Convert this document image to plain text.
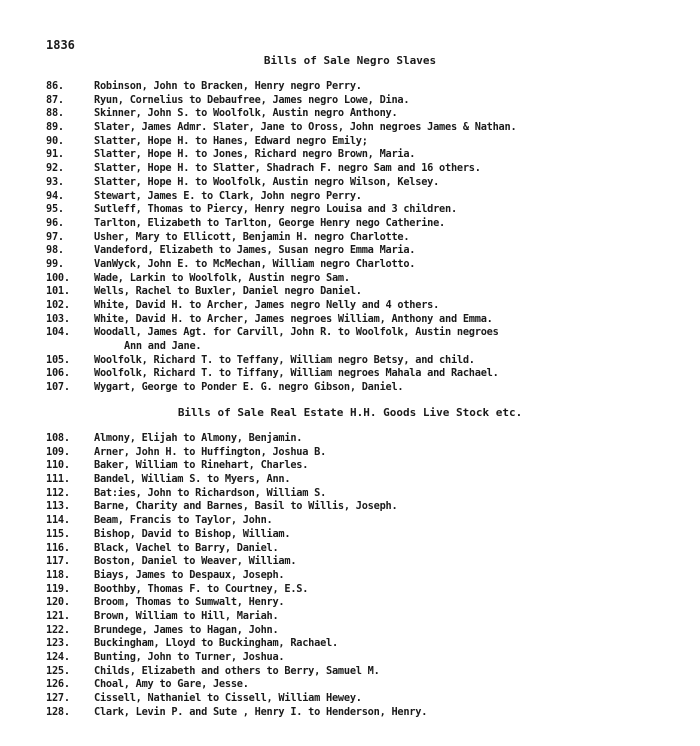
1836
Bills of Sale Negro Slaves
86.	Robinson, John to Bracken, Henry negro Perry.
87.	Ryun, Cornelius to Debaufree, James negro Lowe, Dina.
88.	Skinner, John S. to Woolfolk, Austin negro Anthony.
89.	Slater, James Admr. Slater, Jane to Oross, John negroes James & Nathan.
90.	Slatter, Hope H. to Hanes, Edward negro Emily;
91.	Slatter, Hope H. to Jones, Richard negro Brown, Maria.
92.	Slatter, Hope H. to Slatter, Shadrach F. negro Sam and 16 others.
93.	Slatter, Hope H. to Woolfolk, Austin negro Wilson, Kelsey.
94.	Stewart, James E. to Clark, John negro Perry.
95.	Sutleff, Thomas to Piercy, Henry negro Louisa and 3 children.
96.	Tarlton, Elizabeth to Tarlton, George Henry nego Catherine.
97.	Usher, Mary to Ellicott, Benjamin H. negro Charlotte.
98.	Vandeford, Elizabeth to James, Susan negro Emma Maria.
99.	VanWyck, John E. to McMechan, William negro Charlotto.
100.	Wade, Larkin to Woolfolk, Austin negro Sam.
101.	Wells, Rachel to Buxler, Daniel negro Daniel.
102.	White, David H. to Archer, James negro Nelly and 4 others.
103.	White, David H. to Archer, James negroes William, Anthony and Emma.
104.	Woodall, James Agt. for Carvill, John R. to Woolfolk, Austin negroes
Ann and Jane.
105.	Woolfolk, Richard T. to Teffany, William negro Betsy, and child.
106.	Woolfolk, Richard T. to Tiffany, William negroes Mahala and Rachael.
107.	Wygart, George to Ponder E. G. negro Gibson, Daniel.
Bills of Sale Real Estate H.H. Goods Live Stock etc.
108.	Almony, Elijah to Almony, Benjamin.
109.	Arner, John H. to Huffington, Joshua B.
110.	Baker, William to Rinehart, Charles.
111.	Bandel, William S. to Myers, Ann.
112.	Bat:ies, John to Richardson, William S.
113.	Barne, Charity and Barnes, Basil to Willis, Joseph.
114.	Beam, Francis to Taylor, John.
115.	Bishop, David to Bishop, William.
116.	Black, Vachel to Barry, Daniel.
117.	Boston, Daniel to Weaver, William.
118.	Biays, James to Despaux, Joseph.
119.	Boothby, Thomas F. to Courtney, E.S.
120.	Broom, Thomas to Sumwalt, Henry.
121.	Brown, William to Hill, Mariah.
122.	Brundege, James to Hagan, John.
123.	Buckingham, Lloyd to Buckingham, Rachael.
124.	Bunting, John to Turner, Joshua.
125.	Childs, Elizabeth and others to Berry, Samuel M.
126.	Choal, Amy to Gare, Jesse.
127.	Cissell, Nathaniel to Cissell, William Hewey.
128.	Clark, Levin P. and Sute , Henry I. to Henderson, Henry.
